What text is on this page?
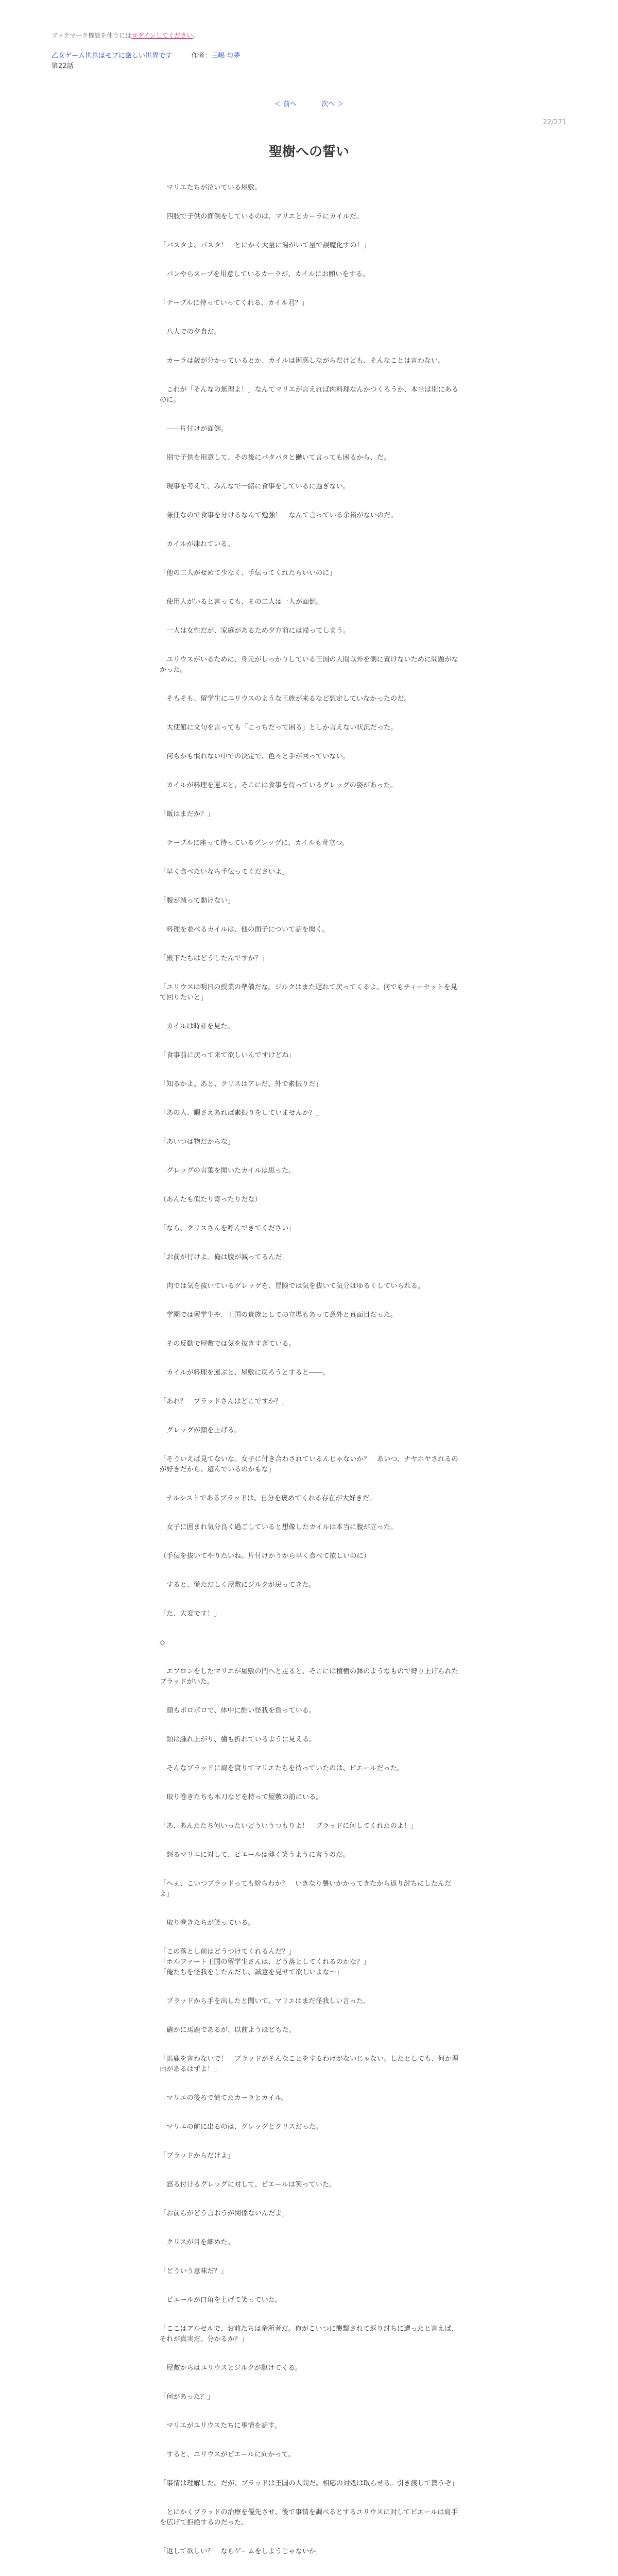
ブックマーク機能を使うにはログインしてください。
乙女ゲーム世界はモブに厳しい世界です 　	作者：三嶋 与夢
第22話
＜ 前へ	次へ ＞
22/271
聖樹への誓い

　マリエたちが泣いている屋敷。

　四肢で子供の面倒をしているのは、マリエとカーラにカイルだ。

「パスタよ、パスタ！　とにかく大量に湯がいて量で誤魔化すの！」

　パンやらスープを用意しているカーラが、カイルにお願いをする。

「テーブルに持っていってくれる、カイル君？」

　八人での夕食だ。

　カーラは歳が分かっているとか、カイルは困惑しながらだけども、そんなことは言わない。

　これが「そんなの無理よ！」なんてマリエが言えれば肉料理なんかつくろうか、本当は別にあるのに。

　――片付けが面倒。

　別で子供を用意して、その後にパタパタと働いて言っても困るから、だ。

　現事を考えて、みんなで一緒に食事をしているに過ぎない。

　兼任なので食事を分けるなんて勉強！　なんて言っている余裕がないのだ。

　カイルが凍れている。

「他の二人がせめて少なく、手伝ってくれたらいいのに」

　使用人がいると言っても、その二人は一人が面倒。

　一人は女性だが、家庭があるため夕方前には帰ってしまう。

　ユリウスがいるために、身元がしっかりしている王国の人間以外を側に置けないために問題がなかった。

　そもそも、留学生にユリウスのような王族が来るなど想定していなかったのだ。

　大使館に文句を言っても「こっちだって困る」としか言えない状況だった。

　何もかも慣れない中での決定で、色々と手が回っていない。

　カイルが料理を運ぶと、そこには食事を待っているグレッグの姿があった。

「飯はまだか？」

　テーブルに座って待っているグレッグに、カイルも苛立つ。

「早く食べたいなら手伝ってくださいよ」

「腹が減って動けない」

　料理を並べるカイルは、他の面子について話を聞く。

「殿下たちはどうしたんですか？」

「ユリウスは明日の授業の準備だな。ジルクはまた遅れて戻ってくるよ。何でもチィーセットを見て回りたいと」

　カイルは時計を見た。

「食事前に戻って来て欲しいんですけどね」

「知るかよ。あと、クリスはアレだ、外で素振りだ」

「あの人、暇さえあれば素振りをしていませんか？」

「あいつは物だからな」

　グレッグの言葉を聞いたカイルは思った。

（あんたも似たり寄ったりだな）

「なら、クリスさんを呼んできてください」

「お前が行けよ。俺は腹が減ってるんだ」

　肉では気を抜いているグレッグを、冒険では気を抜いて気分はゆるくしていられる。

　学園では留学生や、王国の貴族としての立場もあって意外と真面目だった。

　その反動で屋敷では気を抜きすぎている。

　カイルが料理を運ぶと、屋敷に戻ろうとすると――。

「あれ？　ブラッドさんはどこですか？」

　グレッグが顔を上げる。

「そういえば見てないな。女子に付き合わされているんじゃないか？　あいつ、ナヤホヤされるのが好きだから、遊んでいるのかもな」

　ナルシストであるブラッドは、自分を褒めてくれる存在が大好きだ。

　女子に囲まれ気分良く過ごしていると想像したカイルは本当に腹が立った。

（手伝を抜いてやりたいね。片付けかうから早く食べて欲しいのに）

　すると、慌ただしく屋敷にジルクが戻ってきた。

「た、大変です！」

◇

　エプロンをしたマリエが屋敷の門へと走ると、そこには植樹の鉢のようなもので縛り上げられたブラッドがいた。

　顔もボロボロで、体中に酷い怪我を負っている。

　頭は腫れ上がり、歯も折れているように見える。

　そんなブラッドに肩を貸りてマリエたちを待っていたのは、ピエールだった。

　取り巻きたちも木刀などを持って屋敷の前にいる。

「あ、あんたたち何いったいどういうつもりよ！　ブラッドに何してくれたのよ！」

　怒るマリエに対して、ピエールは薄く笑うように言うのだ。

「へぇ、こいつブラッドっても紛らわか？　いきなり襲いかかってきたから返り討ちにしたんだよ」

　取り巻きたちが笑っている。

「この落とし前はどうつけてくれるんだ？」

「ホルファート王国の留学生さんは、どう落としてくれるのかな？」

「俺たちを怪我をしたんだし、誠意を見せて欲しいよな～」

　ブラッドから手を出したと聞いて、マリエはまだ怪我しい言った。

　確かに馬鹿であるが、以前ようほどもた。

「馬鹿を言わないで！　ブラッドがそんなことをするわけがないじゃない。したとしても、何か理由があるはずよ！」

　マリエの後ろで慌てたカーラとカイル。

　マリエの前に出るのは、グレッグとクリスだった。

「ブラッドからだけよ」

　怒る付けるグレッグに対して、ピエールは笑っていた。

「お前らがどう言おうが関係ないんだよ」

　クリスが目を細めた。

「どういう意味だ？」

　ピエールが口角を上げて笑っていた。

「ここはアルゼルで、お前たちは余所者だ。俺がこいつに襲撃されて返り討ちに遭ったと言えば、それが真実だ。分かるか？」

　屋敷からはユリウスとジルクが駆けてくる。

「何があった？」

　マリエがユリウスたちに事情を話す。

　すると、ユリウスがピエールに向かって。

「事情は理解した。だが、ブラッドは王国の人間だ。相応の対処は取らせる。引き渡して貰うぞ」

　とにかくブラッドの治療を優先させ、後で事情を調べるとするユリウスに対してピエールは肩手を広げて拒絶するのだった。

「返して欲しい？　ならゲームをしようじゃないか」
